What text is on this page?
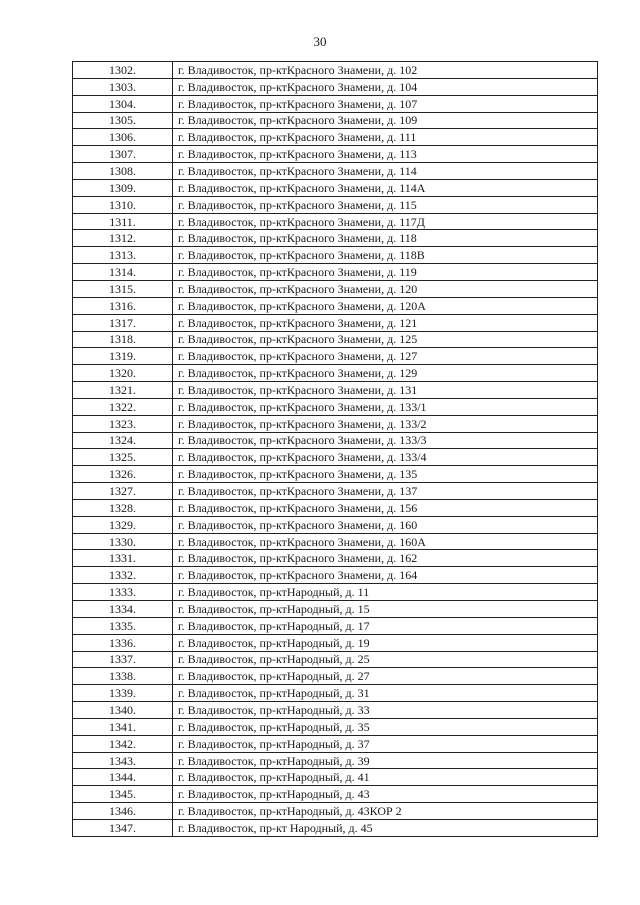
30
1302.	г. Владивосток, пр-ктКрасного Знамени, д. 102
1303.	г. Владивосток, пр-ктКрасного Знамени, д. 104
1304.	г. Владивосток, пр-ктКрасного Знамени, д. 107
1305.	г. Владивосток, пр-ктКрасного Знамени, д. 109
1306.	г. Владивосток, пр-ктКрасного Знамени, д. 111
1307.	г. Владивосток, пр-ктКрасного Знамени, д. 113
1308.	г. Владивосток, пр-ктКрасного Знамени, д. 114
1309.	г. Владивосток, пр-ктКрасного Знамени, д. 114А
1310.	г. Владивосток, пр-ктКрасного Знамени, д. 115
1311.	г. Владивосток, пр-ктКрасного Знамени, д. 117Д
1312.	г. Владивосток, пр-ктКрасного Знамени, д. 118
1313.	г. Владивосток, пр-ктКрасного Знамени, д. 118В
1314.	г. Владивосток, пр-ктКрасного Знамени, д. 119
1315.	г. Владивосток, пр-ктКрасного Знамени, д. 120
1316.	г. Владивосток, пр-ктКрасного Знамени, д. 120А
1317.	г. Владивосток, пр-ктКрасного Знамени, д. 121
1318.	г. Владивосток, пр-ктКрасного Знамени, д. 125
1319.	г. Владивосток, пр-ктКрасного Знамени, д. 127
1320.	г. Владивосток, пр-ктКрасного Знамени, д. 129
1321.	г. Владивосток, пр-ктКрасного Знамени, д. 131
1322.	г. Владивосток, пр-ктКрасного Знамени, д. 133/1
1323.	г. Владивосток, пр-ктКрасного Знамени, д. 133/2
1324.	г. Владивосток, пр-ктКрасного Знамени, д. 133/3
1325.	г. Владивосток, пр-ктКрасного Знамени, д. 133/4
1326.	г. Владивосток, пр-ктКрасного Знамени, д. 135
1327.	г. Владивосток, пр-ктКрасного Знамени, д. 137
1328.	г. Владивосток, пр-ктКрасного Знамени, д. 156
1329.	г. Владивосток, пр-ктКрасного Знамени, д. 160
1330.	г. Владивосток, пр-ктКрасного Знамени, д. 160А
1331.	г. Владивосток, пр-ктКрасного Знамени, д. 162
1332.	г. Владивосток, пр-ктКрасного Знамени, д. 164
1333.	г. Владивосток, пр-ктНародный, д. 11
1334.	г. Владивосток, пр-ктНародный, д. 15
1335.	г. Владивосток, пр-ктНародный, д. 17
1336.	г. Владивосток, пр-ктНародный, д. 19
1337.	г. Владивосток, пр-ктНародный, д. 25
1338.	г. Владивосток, пр-ктНародный, д. 27
1339.	г. Владивосток, пр-ктНародный, д. 31
1340.	г. Владивосток, пр-ктНародный, д. 33
1341.	г. Владивосток, пр-ктНародный, д. 35
1342.	г. Владивосток, пр-ктНародный, д. 37
1343.	г. Владивосток, пр-ктНародный, д. 39
1344.	г. Владивосток, пр-ктНародный, д. 41
1345.	г. Владивосток, пр-ктНародный, д. 43
1346.	г. Владивосток, пр-ктНародный, д. 43КОР 2
1347.	г. Владивосток, пр-кт Народный, д. 45
